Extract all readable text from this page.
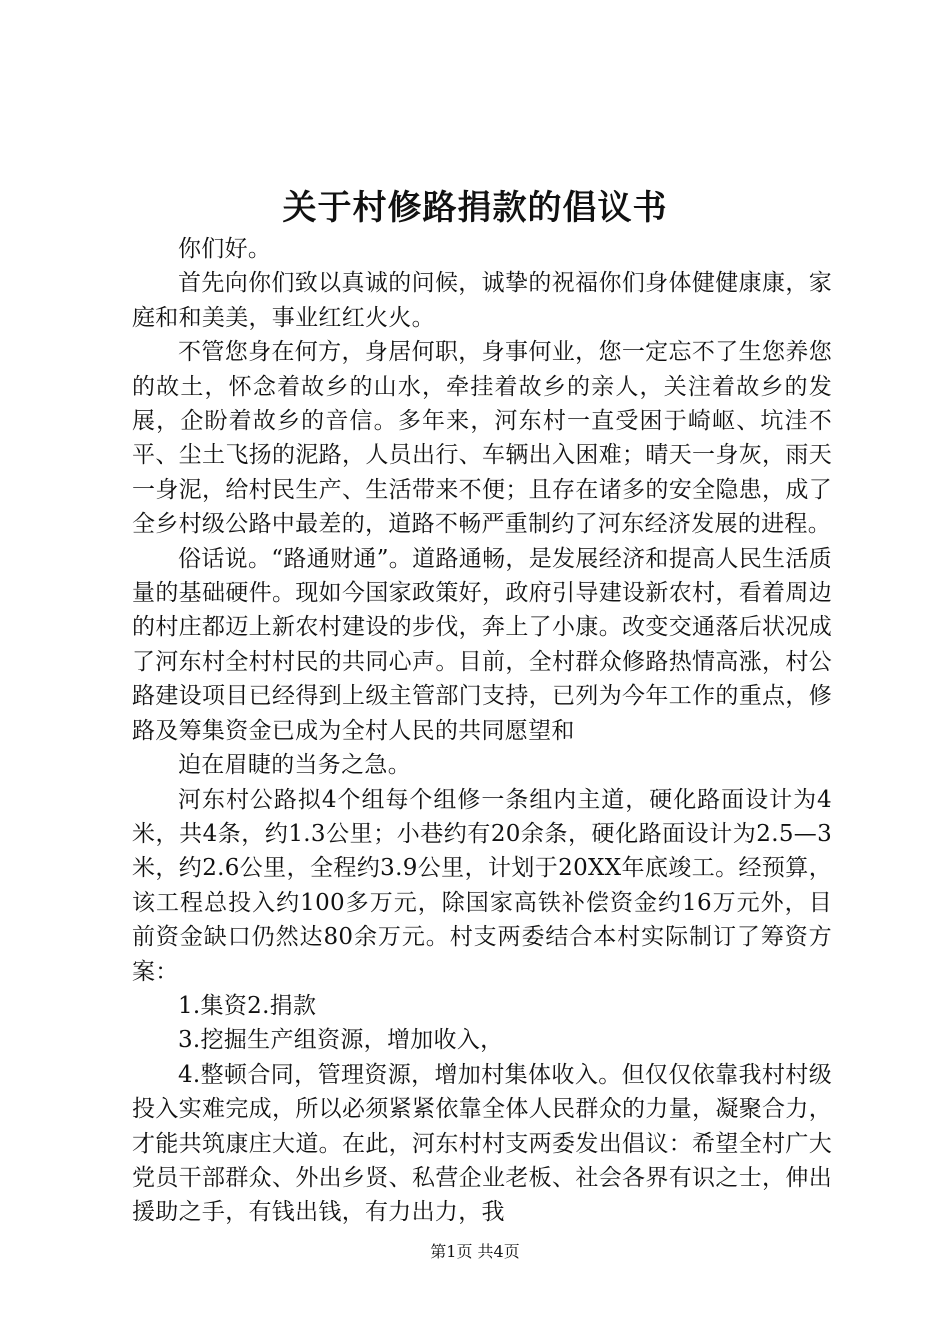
关于村修路捐款的倡议书

你们好。

首先向你们致以真诚的问候，诚挚的祝福你们身体健健康康，家庭和和美美，事业红红火火。

不管您身在何方，身居何职，身事何业，您一定忘不了生您养您的故土，怀念着故乡的山水，牵挂着故乡的亲人，关注着故乡的发展，企盼着故乡的音信。多年来，河东村一直受困于崎岖、坑洼不平、尘土飞扬的泥路，人员出行、车辆出入困难；晴天一身灰，雨天一身泥，给村民生产、生活带来不便；且存在诸多的安全隐患，成了全乡村级公路中最差的，道路不畅严重制约了河东经济发展的进程。

俗话说。“路通财通”。道路通畅，是发展经济和提高人民生活质量的基础硬件。现如今国家政策好，政府引导建设新农村，看着周边的村庄都迈上新农村建设的步伐，奔上了小康。改变交通落后状况成了河东村全村村民的共同心声。目前，全村群众修路热情高涨，村公路建设项目已经得到上级主管部门支持，已列为今年工作的重点，修路及筹集资金已成为全村人民的共同愿望和

迫在眉睫的当务之急。

河东村公路拟4个组每个组修一条组内主道，硬化路面设计为4米，共4条，约1.3公里；小巷约有20余条，硬化路面设计为2.5—3米，约2.6公里，全程约3.9公里，计划于20XX年底竣工。经预算，该工程总投入约100多万元，除国家高铁补偿资金约16万元外，目前资金缺口仍然达80余万元。村支两委结合本村实际制订了筹资方案：

1.集资2.捐款

3.挖掘生产组资源，增加收入，

4.整顿合同，管理资源，增加村集体收入。但仅仅依靠我村村级投入实难完成，所以必须紧紧依靠全体人民群众的力量，凝聚合力，才能共筑康庄大道。在此，河东村村支两委发出倡议：希望全村广大党员干部群众、外出乡贤、私营企业老板、社会各界有识之士，伸出援助之手，有钱出钱，有力出力，我

第1页 共4页
